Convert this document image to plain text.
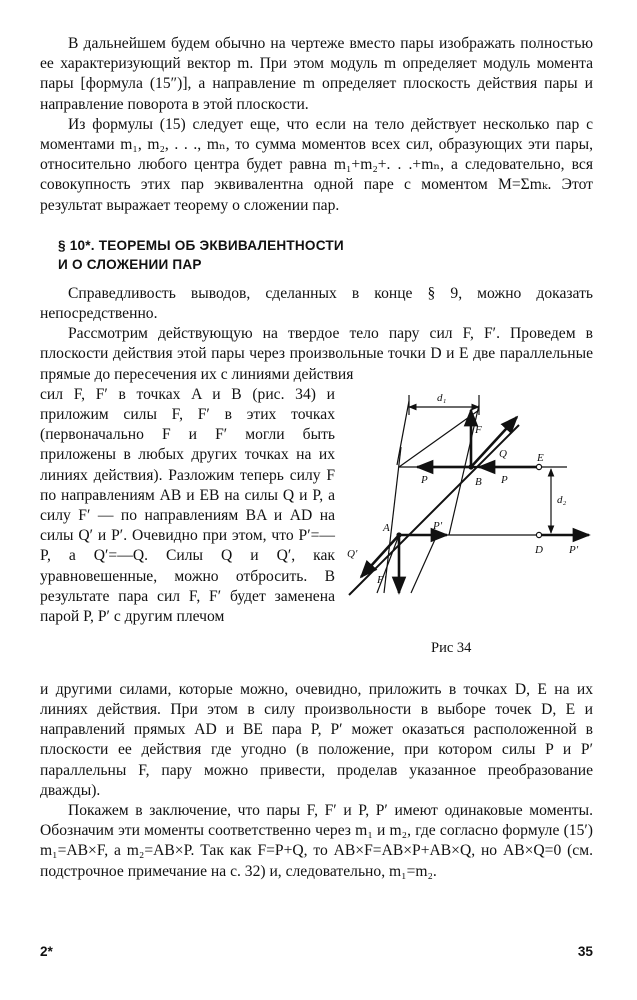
В дальнейшем будем обычно на чертеже вместо пары изображать полностью ее характеризующий вектор m. При этом модуль m определяет модуль момента пары [формула (15″)], а направление m определяет плоскость действия пары и направление поворота в этой плоскости.

Из формулы (15) следует еще, что если на тело действует несколько пар с моментами m₁, m₂, . . ., mₙ, то сумма моментов всех сил, образующих эти пары, относительно любого центра будет равна m₁+m₂+. . .+mₙ, а следовательно, вся совокупность этих пар эквивалентна одной паре с моментом M=Σmₖ. Этот результат выражает теорему о сложении пар.

§ 10*. ТЕОРЕМЫ ОБ ЭКВИВАЛЕНТНОСТИ
И О СЛОЖЕНИИ ПАР

Справедливость выводов, сделанных в конце § 9, можно доказать непосредственно.

Рассмотрим действующую на твердое тело пару сил F, F′. Проведем в плоскости действия этой пары через произвольные точки D и E две параллельные прямые до пересечения их с линиями действия

сил F, F′ в точках A и B (рис. 34) и приложим силы F, F′ в этих точках (первоначально F и F′ могли быть приложены в любых других точках на их линиях действия). Разложим теперь силу F по направлениям AB и EB на силы Q и P, а силу F′ — по направлениям BA и AD на силы Q′ и P′. Очевидно при этом, что P′=—P, а Q′=—Q. Силы Q и Q′, как уравновешенные, можно отбросить. В результате пара сил F, F′ будет заменена парой P, P′ с другим плечом

d₁
d₂
B
A
E
D
F
Q
P	P
P′
P′
Q′
F′
Рис 34

и другими силами, которые можно, очевидно, приложить в точках D, E на их линиях действия. При этом в силу произвольности в выборе точек D, E и направлений прямых AD и BE пара P, P′ может оказаться расположенной в плоскости ее действия где угодно (в положение, при котором силы P и P′ параллельны F, пару можно привести, проделав указанное преобразование дважды).

Покажем в заключение, что пары F, F′ и P, P′ имеют одинаковые моменты. Обозначим эти моменты соответственно через m₁ и m₂, где согласно формуле (15′) m₁=AB×F, а m₂=AB×P. Так как F=P+Q, то AB×F=AB×P+AB×Q, но AB×Q=0 (см. подстрочное примечание на с. 32) и, следовательно, m₁=m₂.

2*	35
